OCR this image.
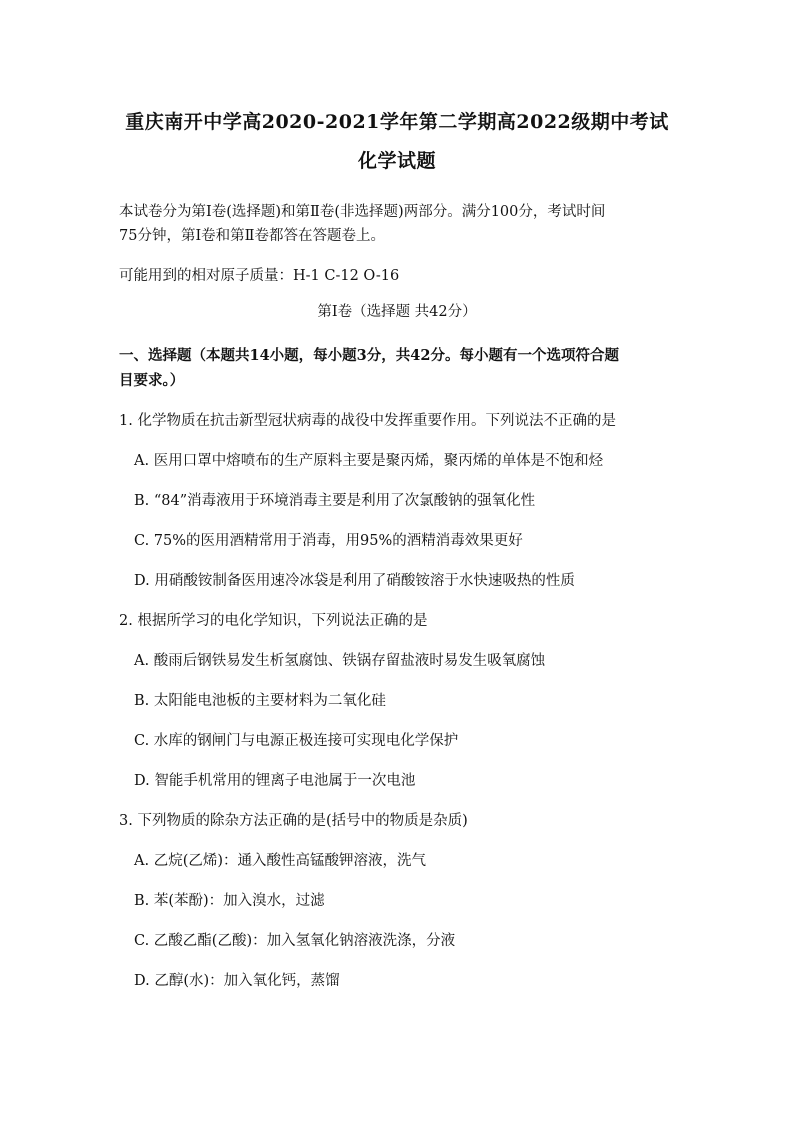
重庆南开中学高2020-2021学年第二学期高2022级期中考试
化学试题
本试卷分为第Ⅰ卷(选择题)和第Ⅱ卷(非选择题)两部分。满分100分，考试时间
75分钟，第Ⅰ卷和第Ⅱ卷都答在答题卷上。
可能用到的相对原子质量：H-1 C-12 O-16
第Ⅰ卷（选择题 共42分）
一、选择题（本题共14小题，每小题3分，共42分。每小题有一个选项符合题
目要求。）
1. 化学物质在抗击新型冠状病毒的战役中发挥重要作用。下列说法不正确的是
A. 医用口罩中熔喷布的生产原料主要是聚丙烯，聚丙烯的单体是不饱和烃
B. “84”消毒液用于环境消毒主要是利用了次氯酸钠的强氧化性
C. 75%的医用酒精常用于消毒，用95%的酒精消毒效果更好
D. 用硝酸铵制备医用速冷冰袋是利用了硝酸铵溶于水快速吸热的性质
2. 根据所学习的电化学知识，下列说法正确的是
A. 酸雨后钢铁易发生析氢腐蚀、铁锅存留盐液时易发生吸氧腐蚀
B. 太阳能电池板的主要材料为二氧化硅
C. 水库的钢闸门与电源正极连接可实现电化学保护
D. 智能手机常用的锂离子电池属于一次电池
3. 下列物质的除杂方法正确的是(括号中的物质是杂质)
A. 乙烷(乙烯)：通入酸性高锰酸钾溶液，洗气
B. 苯(苯酚)：加入溴水，过滤
C. 乙酸乙酯(乙酸)：加入氢氧化钠溶液洗涤，分液
D. 乙醇(水)：加入氧化钙，蒸馏
